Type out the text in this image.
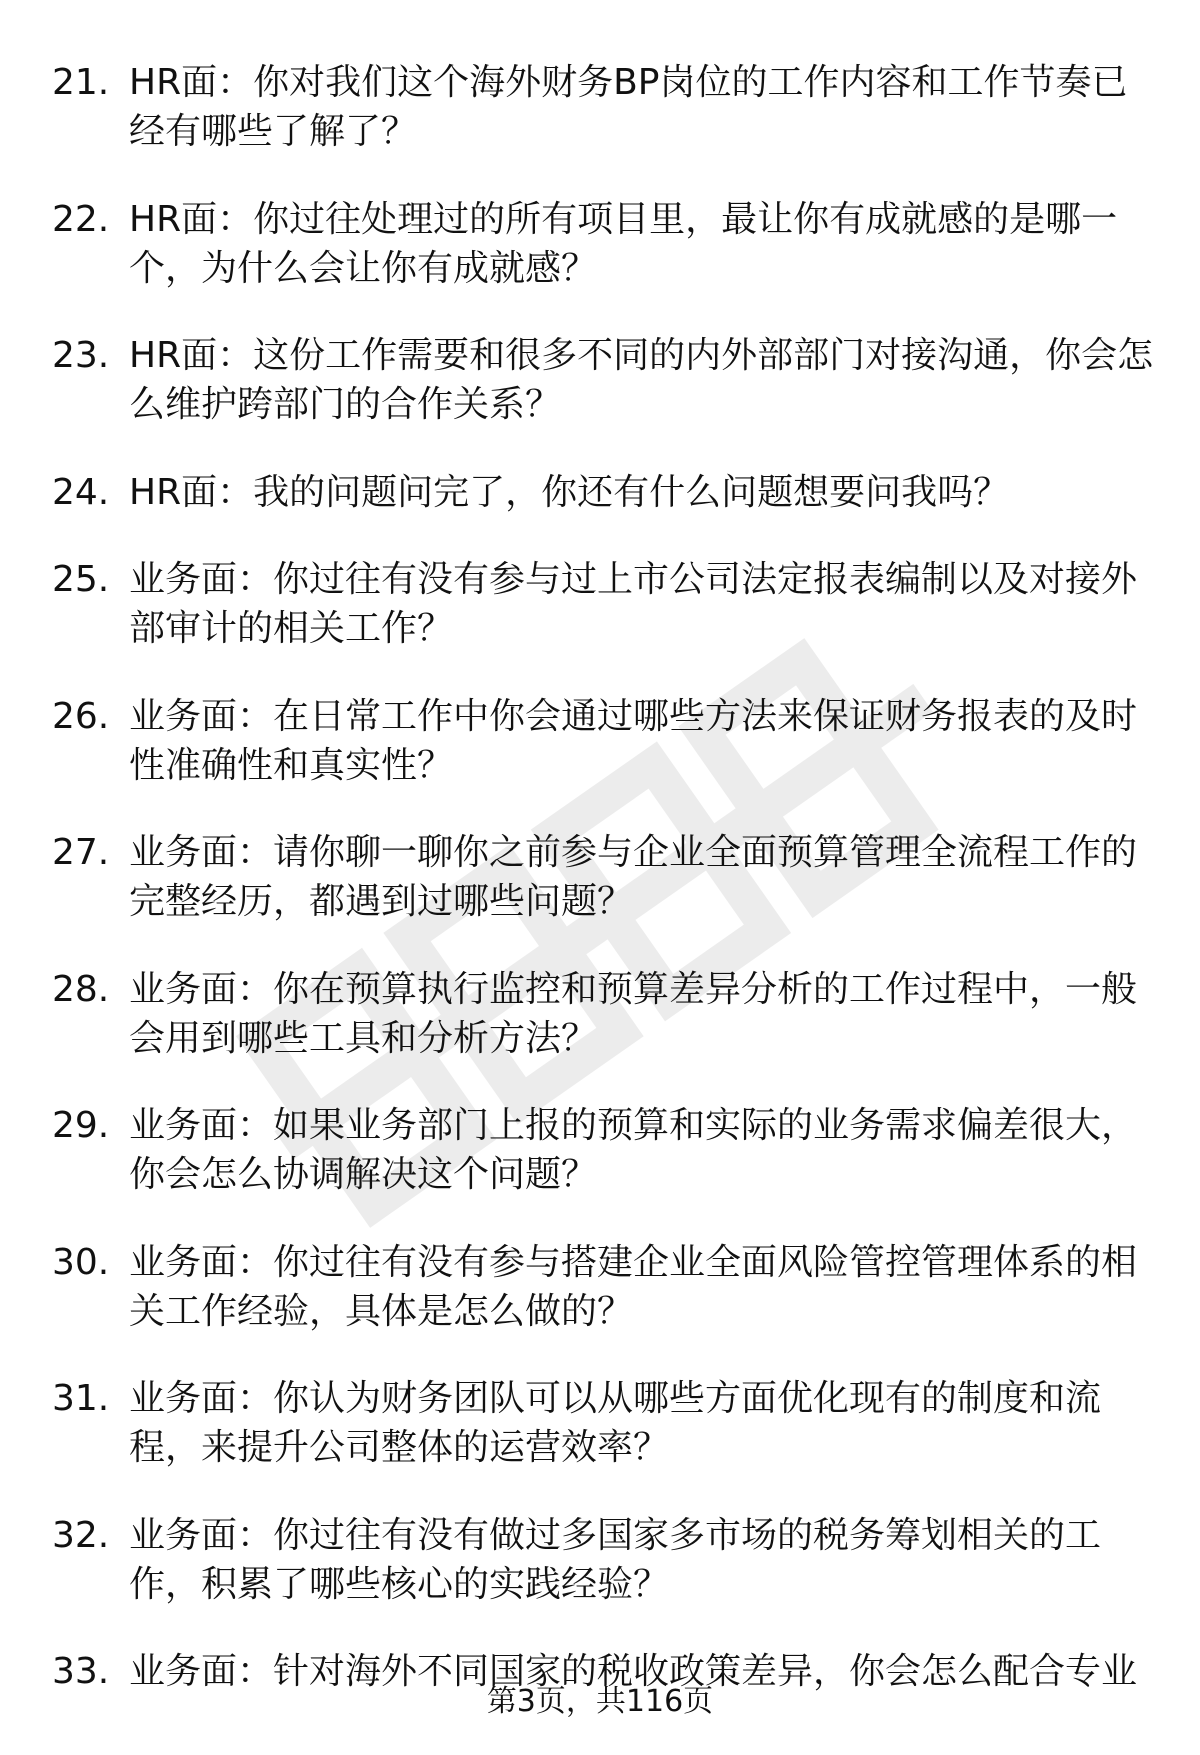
21. HR面：你对我们这个海外财务BP岗位的工作内容和工作节奏已经有哪些了解了？
22. HR面：你过往处理过的所有项目里，最让你有成就感的是哪一个，为什么会让你有成就感？
23. HR面：这份工作需要和很多不同的内外部部门对接沟通，你会怎么维护跨部门的合作关系？
24. HR面：我的问题问完了，你还有什么问题想要问我吗？
25. 业务面：你过往有没有参与过上市公司法定报表编制以及对接外部审计的相关工作？
26. 业务面：在日常工作中你会通过哪些方法来保证财务报表的及时性准确性和真实性？
27. 业务面：请你聊一聊你之前参与企业全面预算管理全流程工作的完整经历，都遇到过哪些问题？
28. 业务面：你在预算执行监控和预算差异分析的工作过程中，一般会用到哪些工具和分析方法？
29. 业务面：如果业务部门上报的预算和实际的业务需求偏差很大，你会怎么协调解决这个问题？
30. 业务面：你过往有没有参与搭建企业全面风险管控管理体系的相关工作经验，具体是怎么做的？
31. 业务面：你认为财务团队可以从哪些方面优化现有的制度和流程，来提升公司整体的运营效率？
32. 业务面：你过往有没有做过多国家多市场的税务筹划相关的工作，积累了哪些核心的实践经验？
33. 业务面：针对海外不同国家的税收政策差异，你会怎么配合专业
第3页，共116页
